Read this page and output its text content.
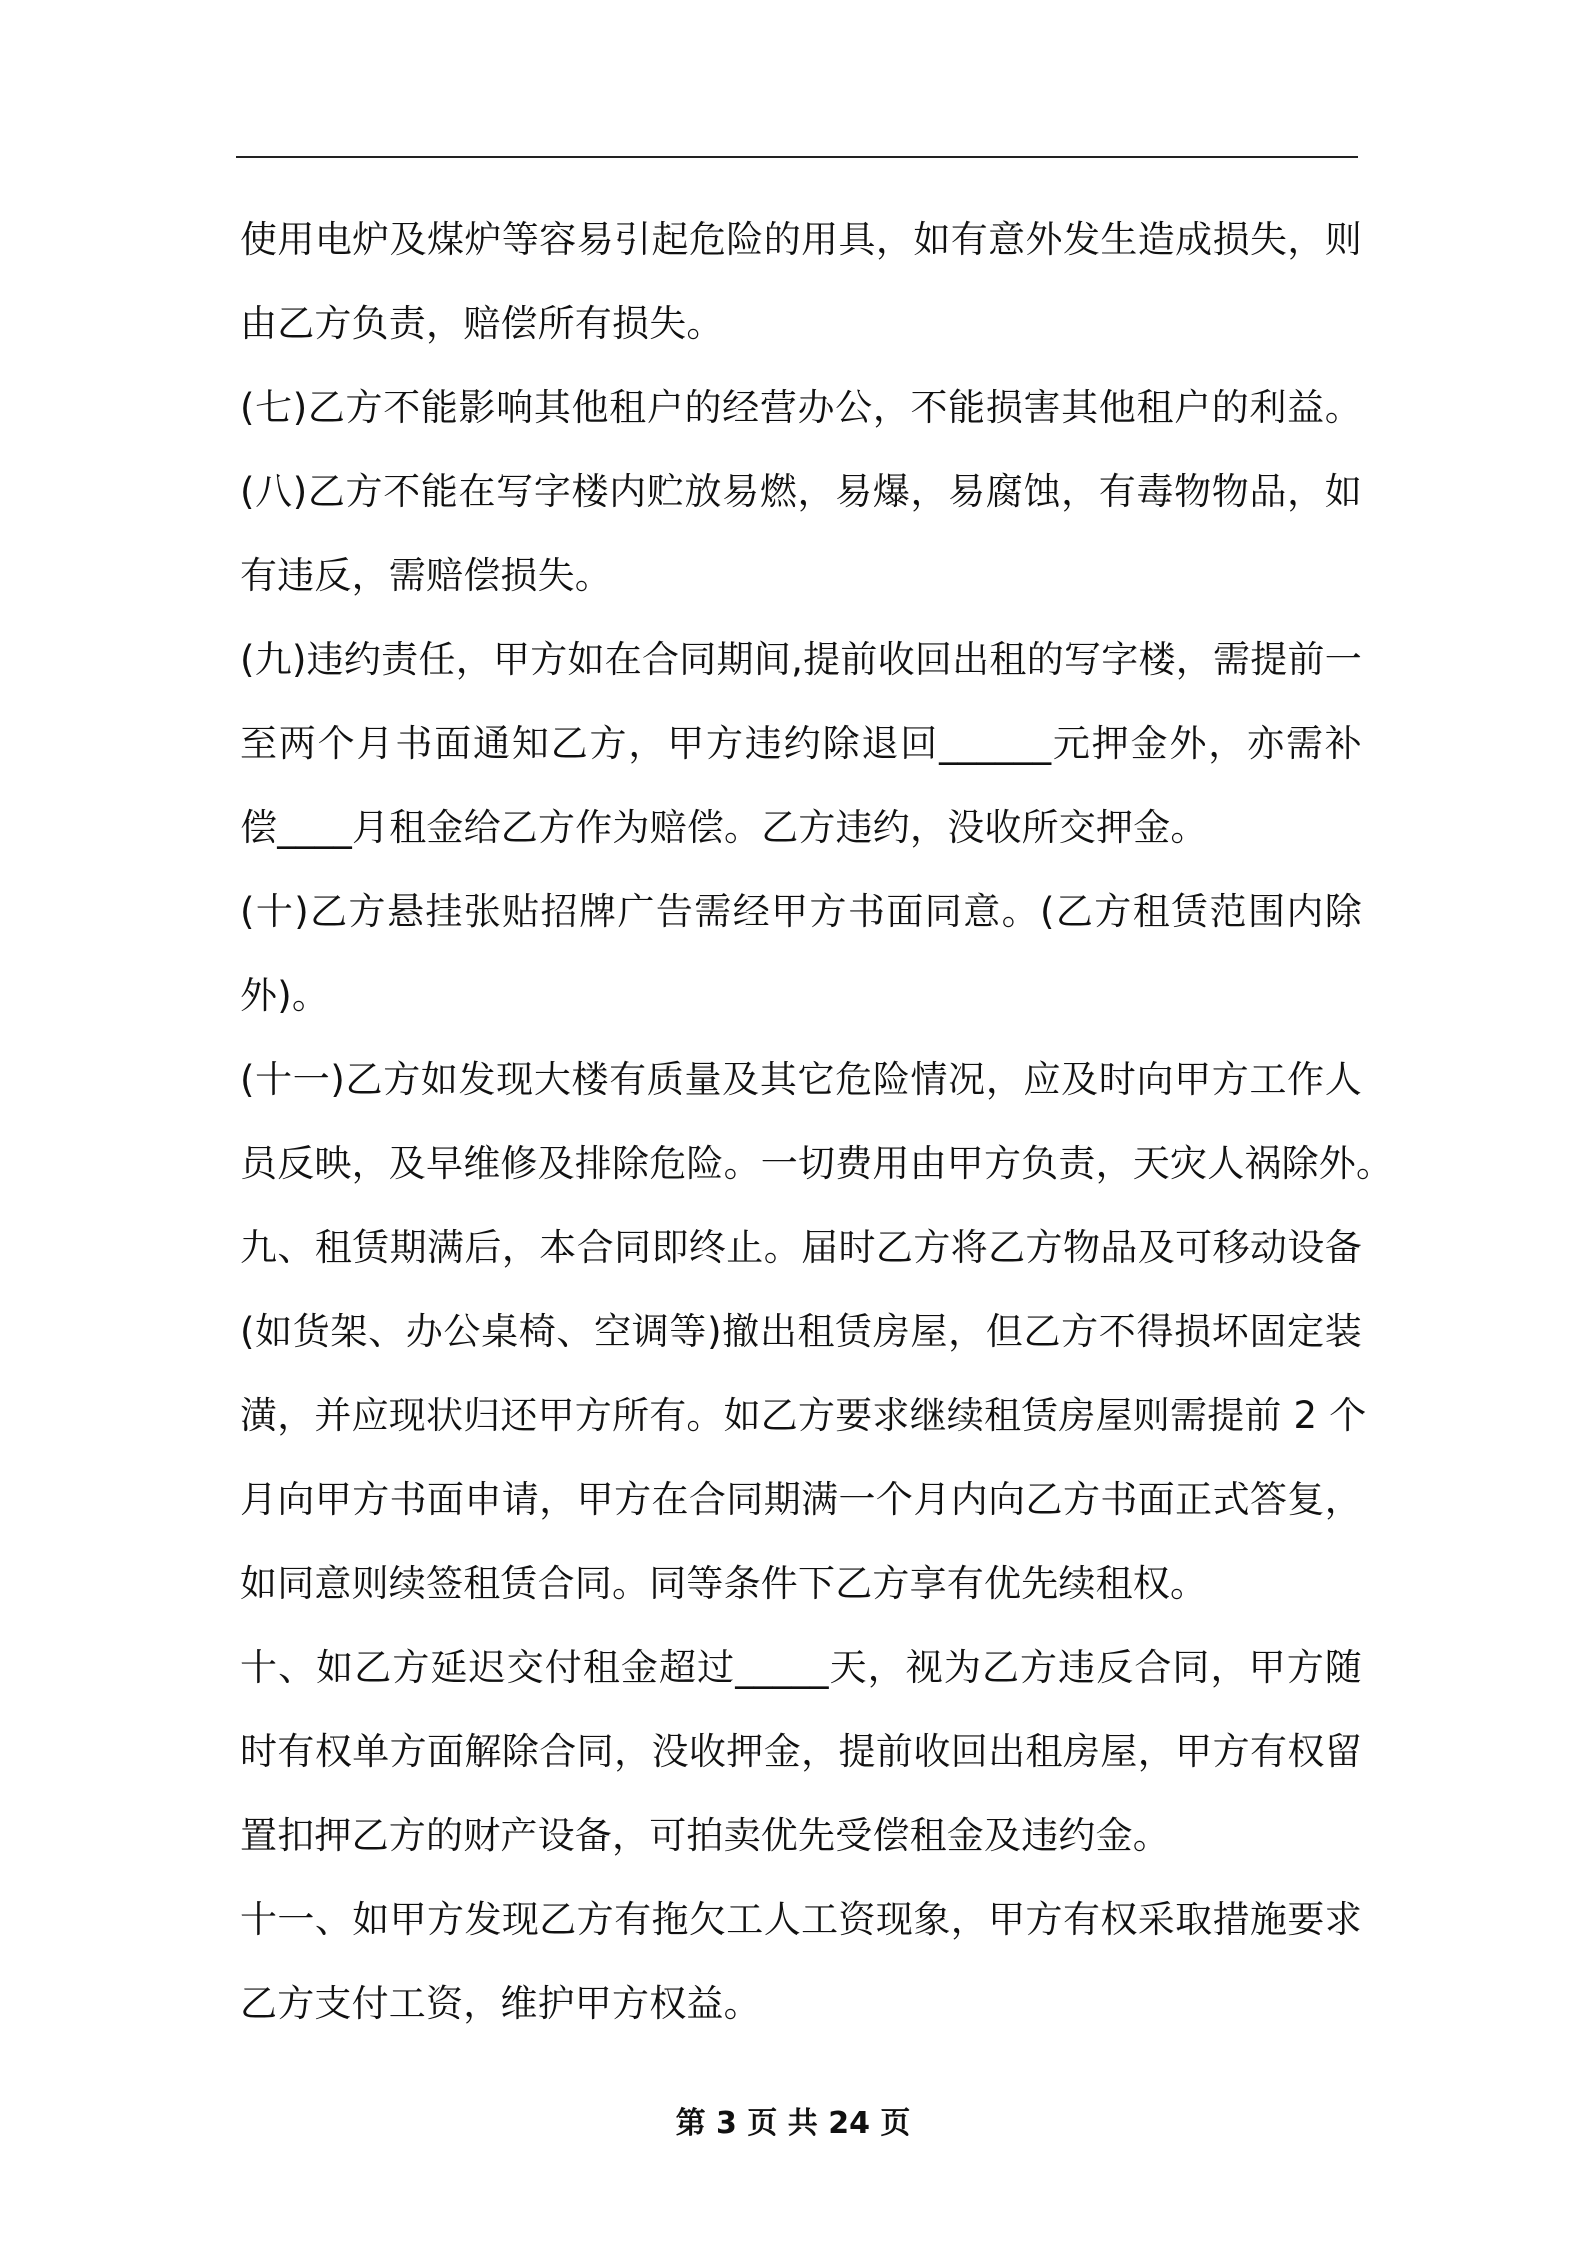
使用电炉及煤炉等容易引起危险的用具，如有意外发生造成损失，则
由乙方负责，赔偿所有损失。
(七)乙方不能影响其他租户的经营办公，不能损害其他租户的利益。
(八)乙方不能在写字楼内贮放易燃，易爆，易腐蚀，有毒物物品，如
有违反，需赔偿损失。
(九)违约责任，甲方如在合同期间,提前收回出租的写字楼，需提前一
至两个月书面通知乙方，甲方违约除退回______元押金外，亦需补
偿____月租金给乙方作为赔偿。乙方违约，没收所交押金。
(十)乙方悬挂张贴招牌广告需经甲方书面同意。(乙方租赁范围内除
外)。
(十一)乙方如发现大楼有质量及其它危险情况，应及时向甲方工作人
员反映，及早维修及排除危险。一切费用由甲方负责，天灾人祸除外。
九、租赁期满后，本合同即终止。届时乙方将乙方物品及可移动设备
(如货架、办公桌椅、空调等)撤出租赁房屋，但乙方不得损坏固定装
潢，并应现状归还甲方所有。如乙方要求继续租赁房屋则需提前 2 个
月向甲方书面申请，甲方在合同期满一个月内向乙方书面正式答复，
如同意则续签租赁合同。同等条件下乙方享有优先续租权。
十、如乙方延迟交付租金超过_____天，视为乙方违反合同，甲方随
时有权单方面解除合同，没收押金，提前收回出租房屋，甲方有权留
置扣押乙方的财产设备，可拍卖优先受偿租金及违约金。
十一、如甲方发现乙方有拖欠工人工资现象，甲方有权采取措施要求
乙方支付工资，维护甲方权益。
第 3 页 共 24 页
